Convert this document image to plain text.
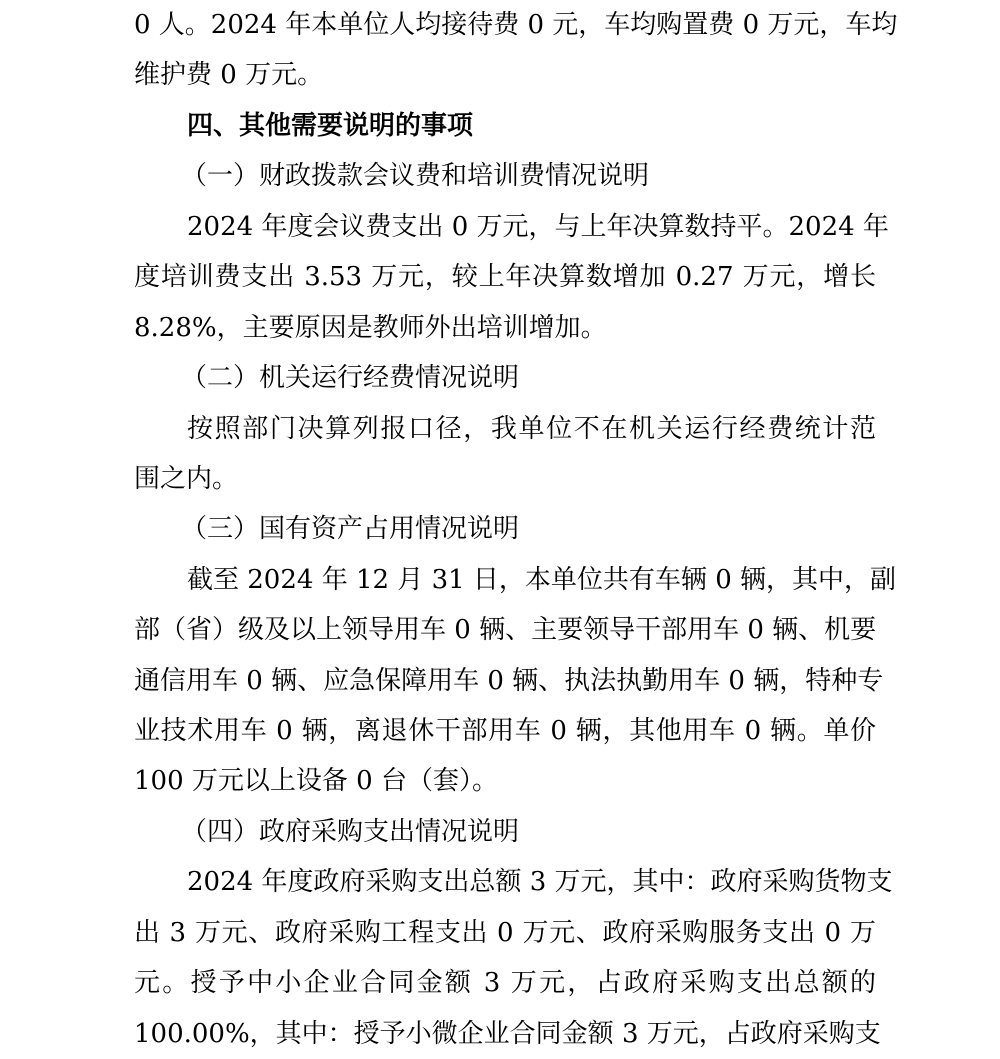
0 人。2024 年本单位人均接待费 0 元，车均购置费 0 万元，车均
维护费 0 万元。
四、其他需要说明的事项
（一）财政拨款会议费和培训费情况说明
2024 年度会议费支出 0 万元，与上年决算数持平。2024 年
度培训费支出 3.53 万元，较上年决算数增加 0.27 万元，增长
8.28%，主要原因是教师外出培训增加。
（二）机关运行经费情况说明
按照部门决算列报口径，我单位不在机关运行经费统计范
围之内。
（三）国有资产占用情况说明
截至 2024 年 12 月 31 日，本单位共有车辆 0 辆，其中，副
部（省）级及以上领导用车 0 辆、主要领导干部用车 0 辆、机要
通信用车 0 辆、应急保障用车 0 辆、执法执勤用车 0 辆，特种专
业技术用车 0 辆，离退休干部用车 0 辆，其他用车 0 辆。单价
100 万元以上设备 0 台（套）。
（四）政府采购支出情况说明
2024 年度政府采购支出总额 3 万元，其中：政府采购货物支
出 3 万元、政府采购工程支出 0 万元、政府采购服务支出 0 万
元。授予中小企业合同金额 3 万元，占政府采购支出总额的
100.00%，其中：授予小微企业合同金额 3 万元，占政府采购支
